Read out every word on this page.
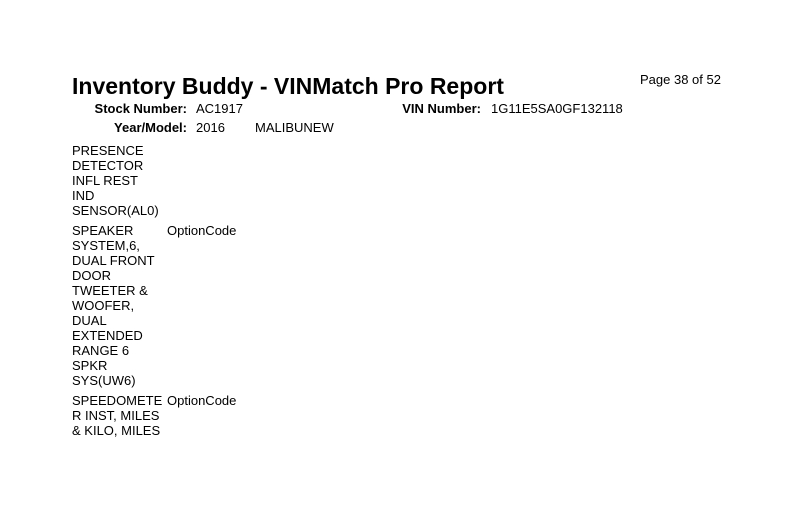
Inventory Buddy - VINMatch Pro Report	Page 38 of 52
Stock Number: AC1917	VIN Number: 1G11E5SA0GF132118
Year/Model: 2016 MALIBUNEW
PRESENCE
DETECTOR
INFL REST
IND
SENSOR(AL0)
SPEAKER
SYSTEM,6,
DUAL FRONT
DOOR
TWEETER &
WOOFER,
DUAL
EXTENDED
RANGE 6
SPKR
SYS(UW6)
OptionCode
SPEEDOMETE
R INST, MILES
& KILO, MILES
OptionCode
